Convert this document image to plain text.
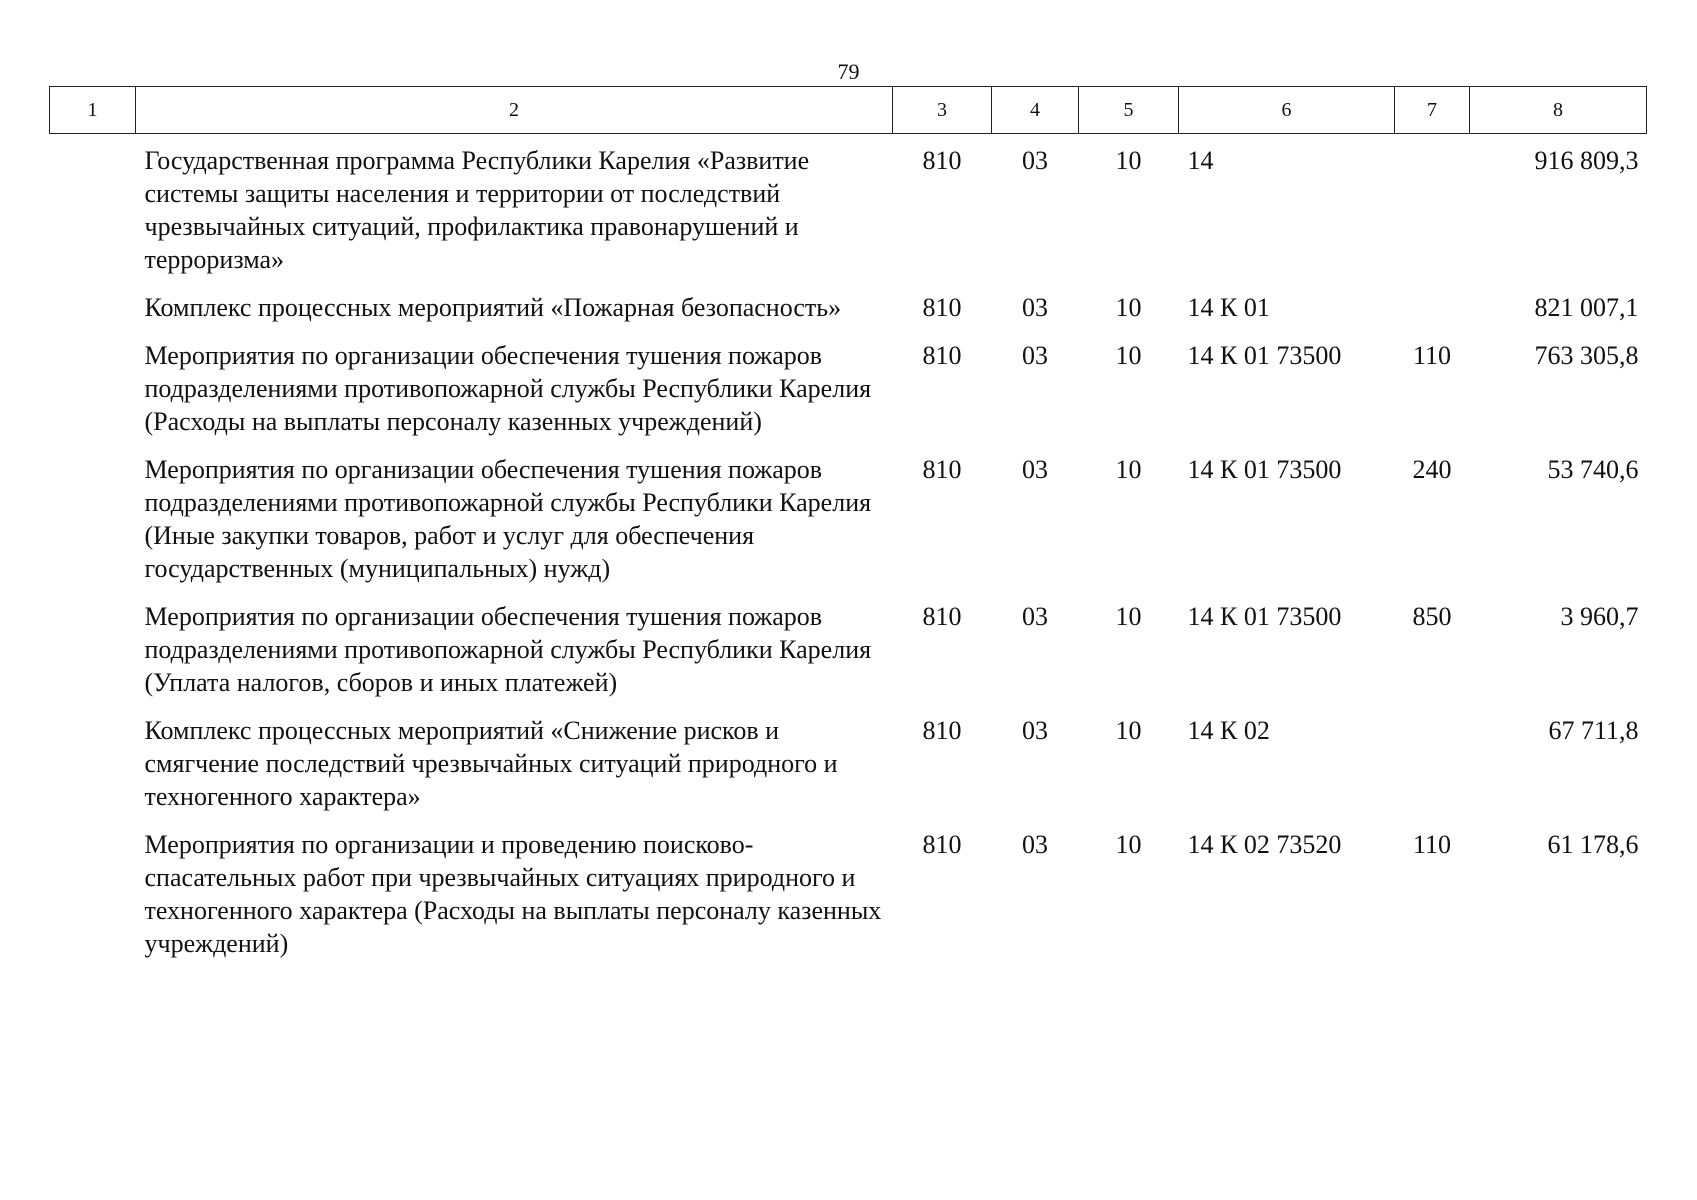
79
1	2	3	4	5	6	7	8
	Государственная программа Республики Карелия «Развитие системы защиты населения и территории от последствий чрезвычайных ситуаций, профилактика правонарушений и терроризма»	810	03	10	14		916 809,3
	Комплекс процессных мероприятий «Пожарная безопасность»	810	03	10	14 К 01		821 007,1
	Мероприятия по организации обеспечения тушения пожаров подразделениями противопожарной службы Республики Карелия (Расходы на выплаты персоналу казенных учреждений)	810	03	10	14 К 01 73500	110	763 305,8
	Мероприятия по организации обеспечения тушения пожаров подразделениями противопожарной службы Республики Карелия (Иные закупки товаров, работ и услуг для обеспечения государственных (муниципальных) нужд)	810	03	10	14 К 01 73500	240	53 740,6
	Мероприятия по организации обеспечения тушения пожаров подразделениями противопожарной службы Республики Карелия (Уплата налогов, сборов и иных платежей)	810	03	10	14 К 01 73500	850	3 960,7
	Комплекс процессных мероприятий «Снижение рисков и смягчение последствий чрезвычайных ситуаций природного и техногенного характера»	810	03	10	14 К 02		67 711,8
	Мероприятия по организации и проведению поисково-спасательных работ при чрезвычайных ситуациях природного и техногенного характера (Расходы на выплаты персоналу казенных учреждений)	810	03	10	14 К 02 73520	110	61 178,6
